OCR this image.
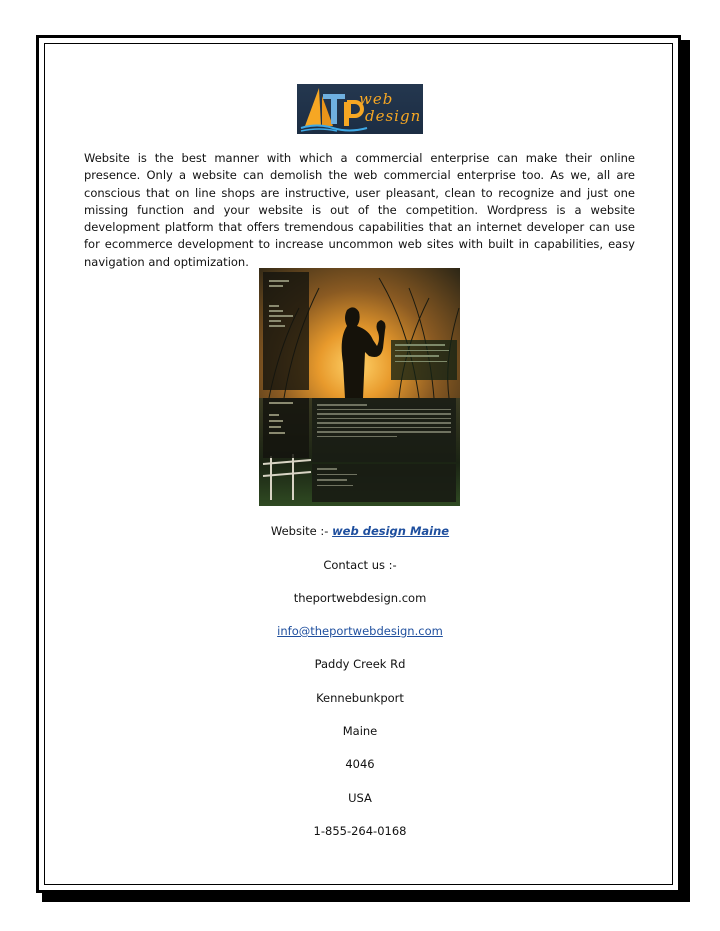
web
design

Website is the best manner with which a commercial enterprise can make their online presence. Only a website can demolish the web commercial enterprise too. As we, all are conscious that on line shops are instructive, user pleasant, clean to recognize and just one missing function and your website is out of the competition. Wordpress is a website development platform that offers tremendous capabilities that an internet developer can use for ecommerce development to increase uncommon web sites with built in capabilities, easy navigation and optimization.

Website :- web design Maine
Contact us :-
theportwebdesign.com
info@theportwebdesign.com
Paddy Creek Rd
Kennebunkport
Maine
4046
USA
1-855-264-0168
